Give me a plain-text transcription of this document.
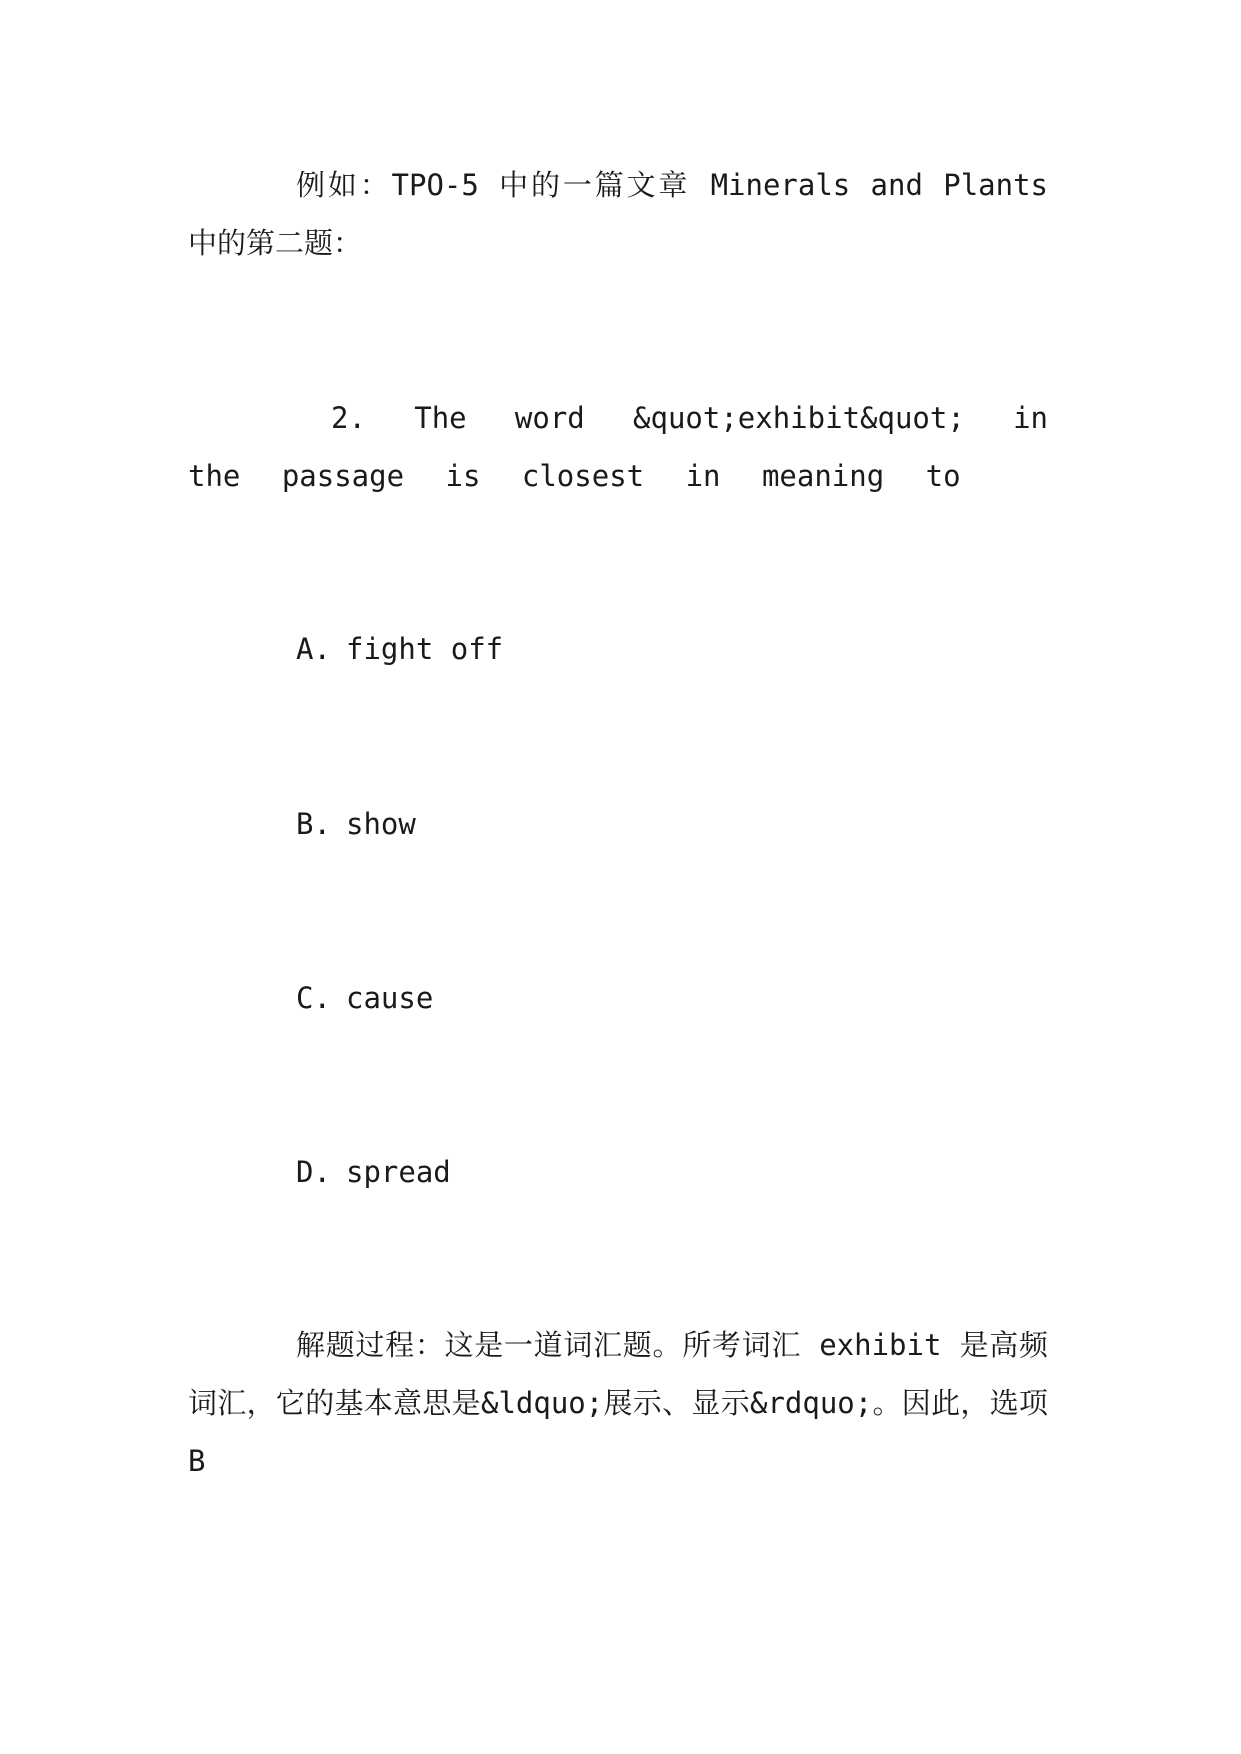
例如：TPO-5 中的一篇文章 Minerals and Plants 中的第二题：

2. The word &quot;exhibit&quot; in the passage is closest in meaning to

A. fight off

B. show

C. cause

D. spread

解题过程：这是一道词汇题。所考词汇 exhibit 是高频词汇，它的基本意思是&ldquo;展示、显示&rdquo;。因此，选项 B
